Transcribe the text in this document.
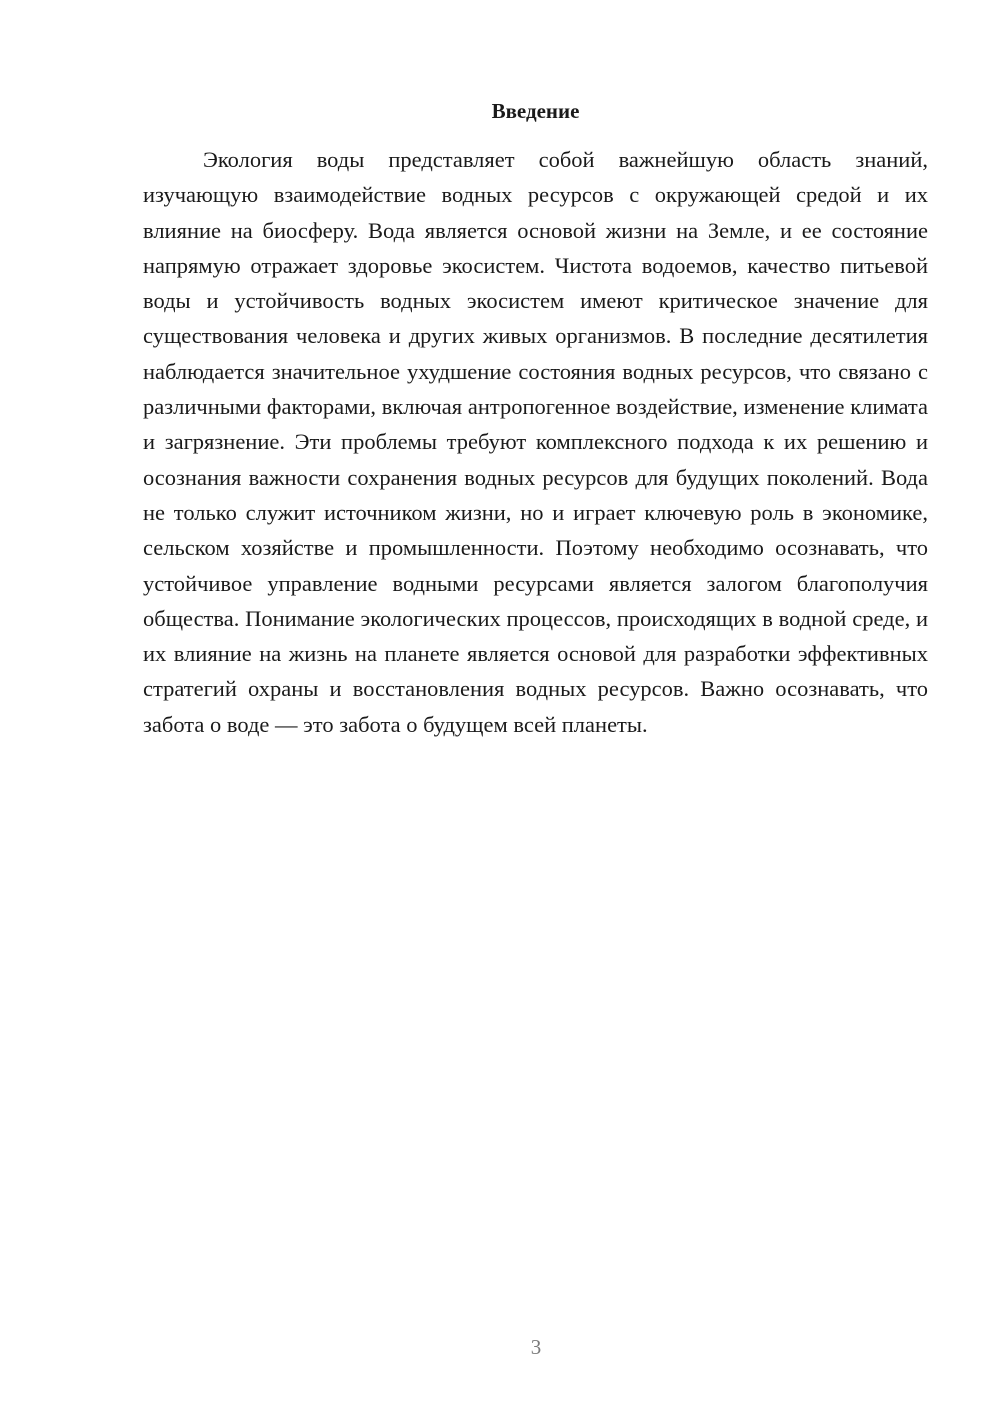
Введение

Экология воды представляет собой важнейшую область знаний, изучающую взаимодействие водных ресурсов с окружающей средой и их влияние на биосферу. Вода является основой жизни на Земле, и ее состояние напрямую отражает здоровье экосистем. Чистота водоемов, качество питьевой воды и устойчивость водных экосистем имеют критическое значение для существования человека и других живых организмов. В последние десятилетия наблюдается значительное ухудшение состояния водных ресурсов, что связано с различными факторами, включая антропогенное воздействие, изменение климата и загрязнение. Эти проблемы требуют комплексного подхода к их решению и осознания важности сохранения водных ресурсов для будущих поколений. Вода не только служит источником жизни, но и играет ключевую роль в экономике, сельском хозяйстве и промышленности. Поэтому необходимо осознавать, что устойчивое управление водными ресурсами является залогом благополучия общества. Понимание экологических процессов, происходящих в водной среде, и их влияние на жизнь на планете является основой для разработки эффективных стратегий охраны и восстановления водных ресурсов. Важно осознавать, что забота о воде — это забота о будущем всей планеты.

3
